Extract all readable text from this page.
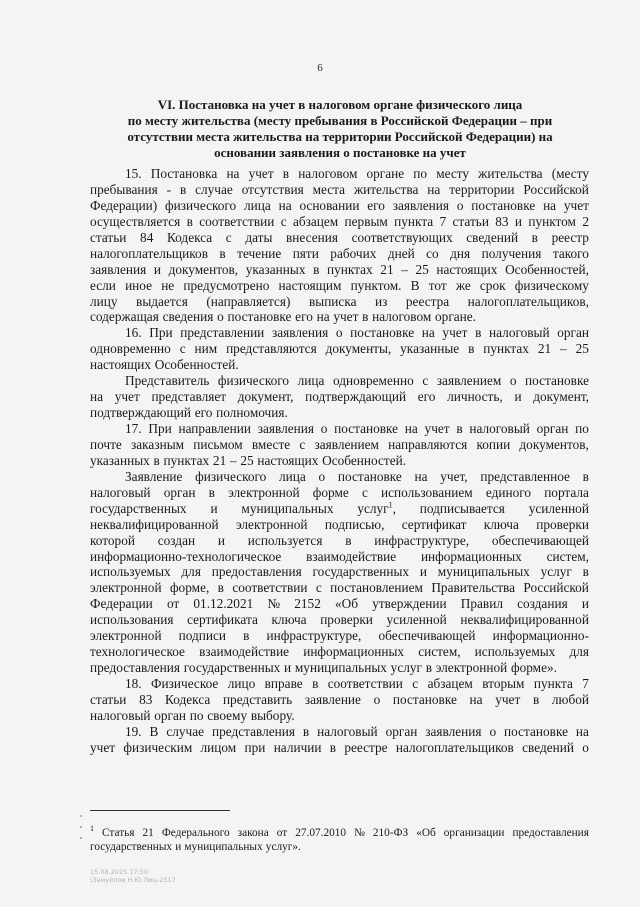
6
VI. Постановка на учет в налоговом органе физического лица
по месту жительства (месту пребывания в Российской Федерации – при
отсутствии места жительства на территории Российской Федерации) на
основании заявления о постановке на учет
15. Постановка на учет в налоговом органе по месту жительства (месту
пребывания - в случае отсутствия места жительства на территории Российской
Федерации) физического лица на основании его заявления о постановке на учет
осуществляется в соответствии с абзацем первым пункта 7 статьи 83 и пунктом 2
статьи 84 Кодекса с даты внесения соответствующих сведений в реестр
налогоплательщиков в течение пяти рабочих дней со дня получения такого
заявления и документов, указанных в пунктах 21 – 25 настоящих Особенностей,
если иное не предусмотрено настоящим пунктом. В тот же срок физическому
лицу выдается (направляется) выписка из реестра налогоплательщиков,
содержащая сведения о постановке его на учет в налоговом органе.
16. При представлении заявления о постановке на учет в налоговый орган
одновременно с ним представляются документы, указанные в пунктах 21 – 25
настоящих Особенностей.
Представитель физического лица одновременно с заявлением о постановке
на учет представляет документ, подтверждающий его личность, и документ,
подтверждающий его полномочия.
17. При направлении заявления о постановке на учет в налоговый орган по
почте заказным письмом вместе с заявлением направляются копии документов,
указанных в пунктах 21 – 25 настоящих Особенностей.
Заявление физического лица о постановке на учет, представленное в
налоговый орган в электронной форме с использованием единого портала
государственных и муниципальных услуг$^1$, подписывается усиленной
неквалифицированной электронной подписью, сертификат ключа проверки
которой создан и используется в инфраструктуре, обеспечивающей
информационно-технологическое взаимодействие информационных систем,
используемых для предоставления государственных и муниципальных услуг в
электронной форме, в соответствии с постановлением Правительства Российской
Федерации от 01.12.2021 № 2152 «Об утверждении Правил создания и
использования сертификата ключа проверки усиленной неквалифицированной
электронной подписи в инфраструктуре, обеспечивающей информационно-
технологическое взаимодействие информационных систем, используемых для
предоставления государственных и муниципальных услуг в электронной форме».
18. Физическое лицо вправе в соответствии с абзацем вторым пункта 7
статьи 83 Кодекса представить заявление о постановке на учет в любой
налоговый орган по своему выбору.
19. В случае представления в налоговый орган заявления о постановке на
учет физическим лицом при наличии в реестре налогоплательщиков сведений о
$^1$ Статья 21 Федерального закона от 27.07.2010 № 210-ФЗ «Об организации предоставления
государственных и муниципальных услуг».
15.08.2025 17:50
\Замуйлов Н.Ю.Лиц-2517
